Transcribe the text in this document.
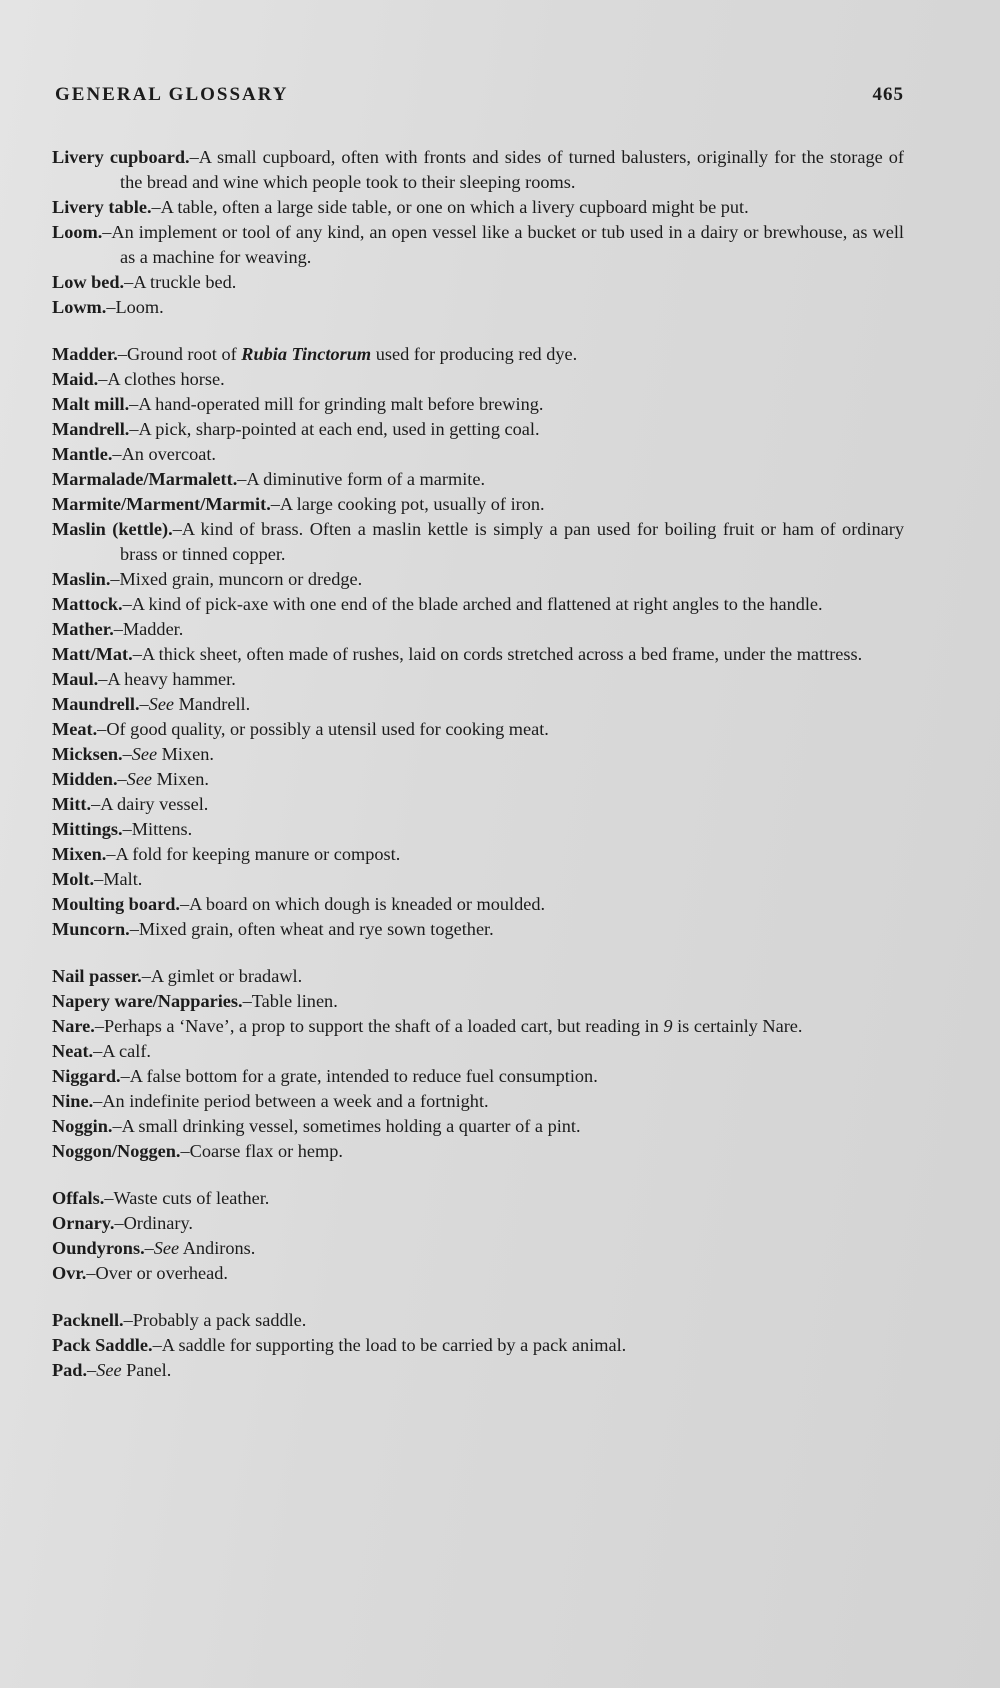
GENERAL GLOSSARY	465
Livery cupboard.–A small cupboard, often with fronts and sides of turned balusters, originally for the storage of the bread and wine which people took to their sleeping rooms.
Livery table.–A table, often a large side table, or one on which a livery cupboard might be put.
Loom.–An implement or tool of any kind, an open vessel like a bucket or tub used in a dairy or brewhouse, as well as a machine for weaving.
Low bed.–A truckle bed.
Lowm.–Loom.
Madder.–Ground root of Rubia Tinctorum used for producing red dye.
Maid.–A clothes horse.
Malt mill.–A hand-operated mill for grinding malt before brewing.
Mandrell.–A pick, sharp-pointed at each end, used in getting coal.
Mantle.–An overcoat.
Marmalade/Marmalett.–A diminutive form of a marmite.
Marmite/Marment/Marmit.–A large cooking pot, usually of iron.
Maslin (kettle).–A kind of brass. Often a maslin kettle is simply a pan used for boiling fruit or ham of ordinary brass or tinned copper.
Maslin.–Mixed grain, muncorn or dredge.
Mattock.–A kind of pick-axe with one end of the blade arched and flattened at right angles to the handle.
Mather.–Madder.
Matt/Mat.–A thick sheet, often made of rushes, laid on cords stretched across a bed frame, under the mattress.
Maul.–A heavy hammer.
Maundrell.–See Mandrell.
Meat.–Of good quality, or possibly a utensil used for cooking meat.
Micksen.–See Mixen.
Midden.–See Mixen.
Mitt.–A dairy vessel.
Mittings.–Mittens.
Mixen.–A fold for keeping manure or compost.
Molt.–Malt.
Moulting board.–A board on which dough is kneaded or moulded.
Muncorn.–Mixed grain, often wheat and rye sown together.
Nail passer.–A gimlet or bradawl.
Napery ware/Napparies.–Table linen.
Nare.–Perhaps a ‘Nave’, a prop to support the shaft of a loaded cart, but reading in 9 is certainly Nare.
Neat.–A calf.
Niggard.–A false bottom for a grate, intended to reduce fuel consumption.
Nine.–An indefinite period between a week and a fortnight.
Noggin.–A small drinking vessel, sometimes holding a quarter of a pint.
Noggon/Noggen.–Coarse flax or hemp.
Offals.–Waste cuts of leather.
Ornary.–Ordinary.
Oundyrons.–See Andirons.
Ovr.–Over or overhead.
Packnell.–Probably a pack saddle.
Pack Saddle.–A saddle for supporting the load to be carried by a pack animal.
Pad.–See Panel.
